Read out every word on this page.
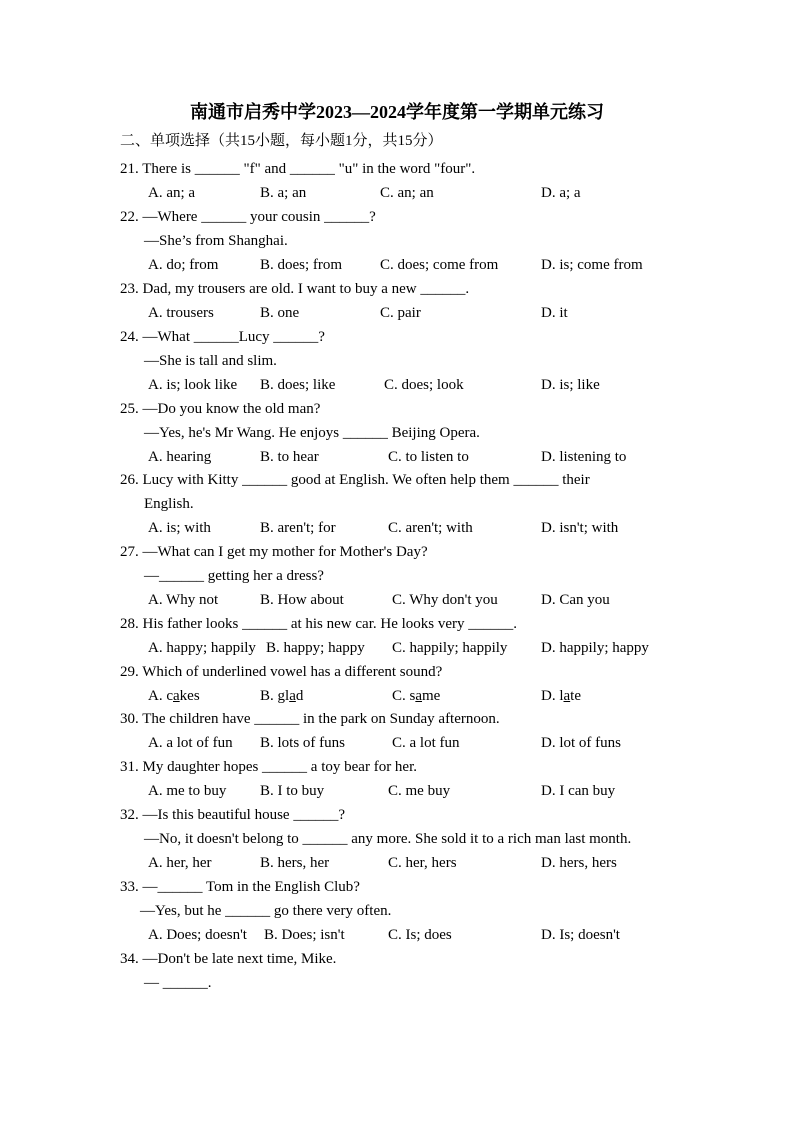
南通市启秀中学2023—2024学年度第一学期单元练习
二、单项选择（共15小题，每小题1分，共15分）
21. There is ______ "f" and ______ "u" in the word "four".
A. an; a	B. a; an	C. an; an	D. a; a
22. —Where ______ your cousin ______?
—She’s from Shanghai.
A. do; from	B. does; from	C. does; come from	D. is; come from
23. Dad, my trousers are old. I want to buy a new ______.
A. trousers	B. one	C. pair	D. it
24. —What ______Lucy ______?
—She is tall and slim.
A. is; look like B. does; like	C. does; look	D. is; like
25. —Do you know the old man?
—Yes, he's Mr Wang. He enjoys ______ Beijing Opera.
A. hearing	B. to hear	C. to listen to	D. listening to
26. Lucy with Kitty ______ good at English. We often help them ______ their
English.
A. is; with	B. aren't; for	C. aren't; with	D. isn't; with
27. —What can I get my mother for Mother's Day?
—______ getting her a dress?
A. Why not	B. How about	C. Why don't you	D. Can you
28. His father looks ______ at his new car. He looks very ______.
A. happy; happily B. happy; happy C. happily; happily D. happily; happy
29. Which of underlined vowel has a different sound?
A. cakes	B. glad	C. same	D. late
30. The children have ______ in the park on Sunday afternoon.
A. a lot of fun B. lots of funs	C. a lot fun	D. lot of funs
31. My daughter hopes ______ a toy bear for her.
A. me to buy B. I to buy	C. me buy	D. I can buy
32. —Is this beautiful house ______?
—No, it doesn't belong to ______ any more. She sold it to a rich man last month.
A. her, her	B. hers, her	C. her, hers	D. hers, hers
33. —______ Tom in the English Club?
—Yes, but he ______ go there very often.
A. Does; doesn't B. Does; isn't	C. Is; does	D. Is; doesn't
34. —Don't be late next time, Mike.
— ______.
